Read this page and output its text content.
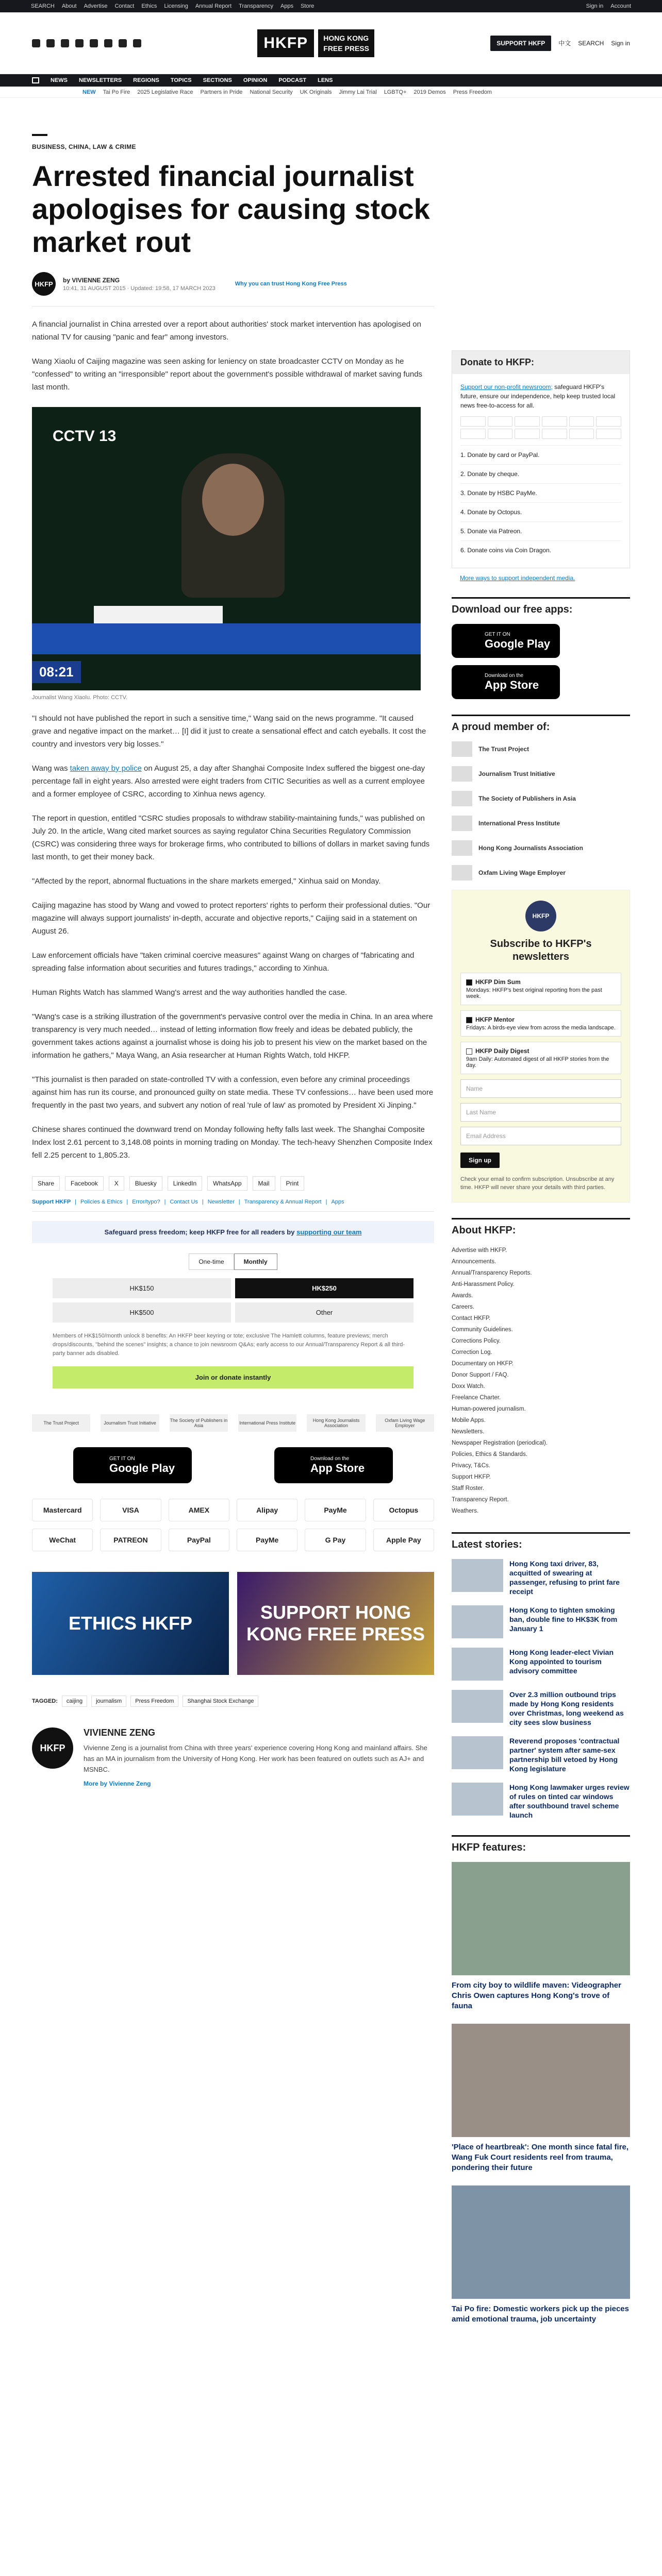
SEARCH About Advertise Contact Ethics Licensing Annual Report Transparency Apps Store	Sign in Account
HKFP	HONG KONG
FREE PRESS
SUPPORT HKFP	中文 SEARCH Sign in
NEWS NEWSLETTERS REGIONS TOPICS SECTIONS OPINION PODCAST LENS
NEW Tai Po Fire 2025 Legislative Race Partners in Pride National Security UK Originals Jimmy Lai Trial LGBTQ+ 2019 Demos Press Freedom
BUSINESS, CHINA, LAW & CRIME
Arrested financial journalist apologises for causing stock market rout
HKFP	by VIVIENNE ZENG
10:41, 31 AUGUST 2015 · Updated: 19:58, 17 MARCH 2023
Why you can trust Hong Kong Free Press

A financial journalist in China arrested over a report about authorities' stock market intervention has apologised on national TV for causing "panic and fear" among investors.

Wang Xiaolu of Caijing magazine was seen asking for leniency on state broadcaster CCTV on Monday as he "confessed" to writing an "irresponsible" report about the government's possible withdrawal of market saving funds last month.

CCTV 13
08:21
Journalist Wang Xiaolu. Photo: CCTV.

"I should not have published the report in such a sensitive time," Wang said on the news programme. "It caused grave and negative impact on the market… [I] did it just to create a sensational effect and catch eyeballs. It cost the country and investors very big losses."

Wang was taken away by police on August 25, a day after Shanghai Composite Index suffered the biggest one-day percentage fall in eight years. Also arrested were eight traders from CITIC Securities as well as a current employee and a former employee of CSRC, according to Xinhua news agency.

The report in question, entitled "CSRC studies proposals to withdraw stability-maintaining funds," was published on July 20. In the article, Wang cited market sources as saying regulator China Securities Regulatory Commission (CSRC) was considering three ways for brokerage firms, who contributed to billions of dollars in market saving funds last month, to get their money back.

"Affected by the report, abnormal fluctuations in the share markets emerged," Xinhua said on Monday.

Caijing magazine has stood by Wang and vowed to protect reporters' rights to perform their professional duties. "Our magazine will always support journalists' in-depth, accurate and objective reports," Caijing said in a statement on August 26.

Law enforcement officials have "taken criminal coercive measures" against Wang on charges of "fabricating and spreading false information about securities and futures tradings," according to Xinhua.

Human Rights Watch has slammed Wang's arrest and the way authorities handled the case.

"Wang's case is a striking illustration of the government's pervasive control over the media in China. In an area where transparency is very much needed… instead of letting information flow freely and ideas be debated publicly, the government takes actions against a journalist whose is doing his job to present his view on the market based on the information he gathers," Maya Wang, an Asia researcher at Human Rights Watch, told HKFP.

"This journalist is then paraded on state-controlled TV with a confession, even before any criminal proceedings against him has run its course, and pronounced guilty on state media. These TV confessions… have been used more frequently in the past two years, and subvert any notion of real 'rule of law' as promoted by President Xi Jinping."

Chinese shares continued the downward trend on Monday following hefty falls last week. The Shanghai Composite Index lost 2.61 percent to 3,148.08 points in morning trading on Monday. The tech-heavy Shenzhen Composite Index fell 2.25 percent to 1,805.23.

Share	Facebook	X	Bluesky	LinkedIn	WhatsApp	Mail	Print
Support HKFP | Policies & Ethics | Error/typo? | Contact Us | Newsletter | Transparency & Annual Report | Apps
Safeguard press freedom; keep HKFP free for all readers by supporting our team
One-time	Monthly
HK$150	HK$250
HK$500	Other
Members of HK$150/month unlock 8 benefits: An HKFP beer keyring or tote; exclusive The Hamlett columns, feature previews; merch drops/discounts, "behind the scenes" insights; a chance to join newsroom Q&As; early access to our Annual/Transparency Report & all third-party banner ads disabled.
Join or donate instantly
The Trust Project	Journalism Trust Initiative	The Society of Publishers in Asia	International Press Institute	Hong Kong Journalists Association
Oxfam Living Wage Employer
GET IT ON
Google Play
Download on the
App Store
Mastercard	VISA	AMEX	Alipay	PayMe	Octopus
WeChat	PATREON	PayPal	PayMe	G Pay	Apple Pay
ETHICS HKFP
SUPPORT HONG KONG FREE PRESS
TAGGED:	caijing	journalism	Press Freedom	Shanghai Stock Exchange
HKFP
VIVIENNE ZENG

Vivienne Zeng is a journalist from China with three years' experience covering Hong Kong and mainland affairs. She has an MA in journalism from the University of Hong Kong. Her work has been featured on outlets such as AJ+ and MSNBC.

More by Vivienne Zeng
Donate to HKFP:
Support our non-profit newsroom; safeguard HKFP's future, ensure our independence, help keep trusted local news free-to-access for all.
1. Donate by card or PayPal.
2. Donate by cheque.
3. Donate by HSBC PayMe.
4. Donate by Octopus.
5. Donate via Patreon.
6. Donate coins via Coin Dragon.
More ways to support independent media.
Download our free apps:
GET IT ON
Google Play
Download on the
App Store
A proud member of:
The Trust Project
Journalism Trust Initiative
The Society of Publishers in Asia
International Press Institute
Hong Kong Journalists Association
Oxfam Living Wage Employer
HKFP
Subscribe to HKFP's newsletters
HKFP Dim Sum
Mondays: HKFP's best original reporting from the past week.
HKFP Mentor
Fridays: A birds-eye view from across the media landscape.
HKFP Daily Digest
9am Daily: Automated digest of all HKFP stories from the day.
Name
Last Name
Email Address
Sign up
Check your email to confirm subscription. Unsubscribe at any time. HKFP will never share your details with third parties.
About HKFP:
Advertise with HKFP.
Announcements.
Annual/Transparency Reports.
Anti-Harassment Policy.
Awards.
Careers.
Contact HKFP.
Community Guidelines.
Corrections Policy.
Correction Log.
Documentary on HKFP.
Donor Support / FAQ.
Doxx Watch.
Freelance Charter.
Human-powered journalism.
Mobile Apps.
Newsletters.
Newspaper Registration (periodical).
Policies, Ethics & Standards.
Privacy, T&Cs.
Support HKFP.
Staff Roster.
Transparency Report.
Weathers.
Latest stories:
Hong Kong taxi driver, 83, acquitted of swearing at passenger, refusing to print fare receipt
Hong Kong to tighten smoking ban, double fine to HK$3K from January 1
Hong Kong leader-elect Vivian Kong appointed to tourism advisory committee
Over 2.3 million outbound trips made by Hong Kong residents over Christmas, long weekend as city sees slow business
Reverend proposes 'contractual partner' system after same-sex partnership bill vetoed by Hong Kong legislature
Hong Kong lawmaker urges review of rules on tinted car windows after southbound travel scheme launch
HKFP features:
From city boy to wildlife maven: Videographer Chris Owen captures Hong Kong's trove of fauna
'Place of heartbreak': One month since fatal fire, Wang Fuk Court residents reel from trauma, pondering their future
Tai Po fire: Domestic workers pick up the pieces amid emotional trauma, job uncertainty
